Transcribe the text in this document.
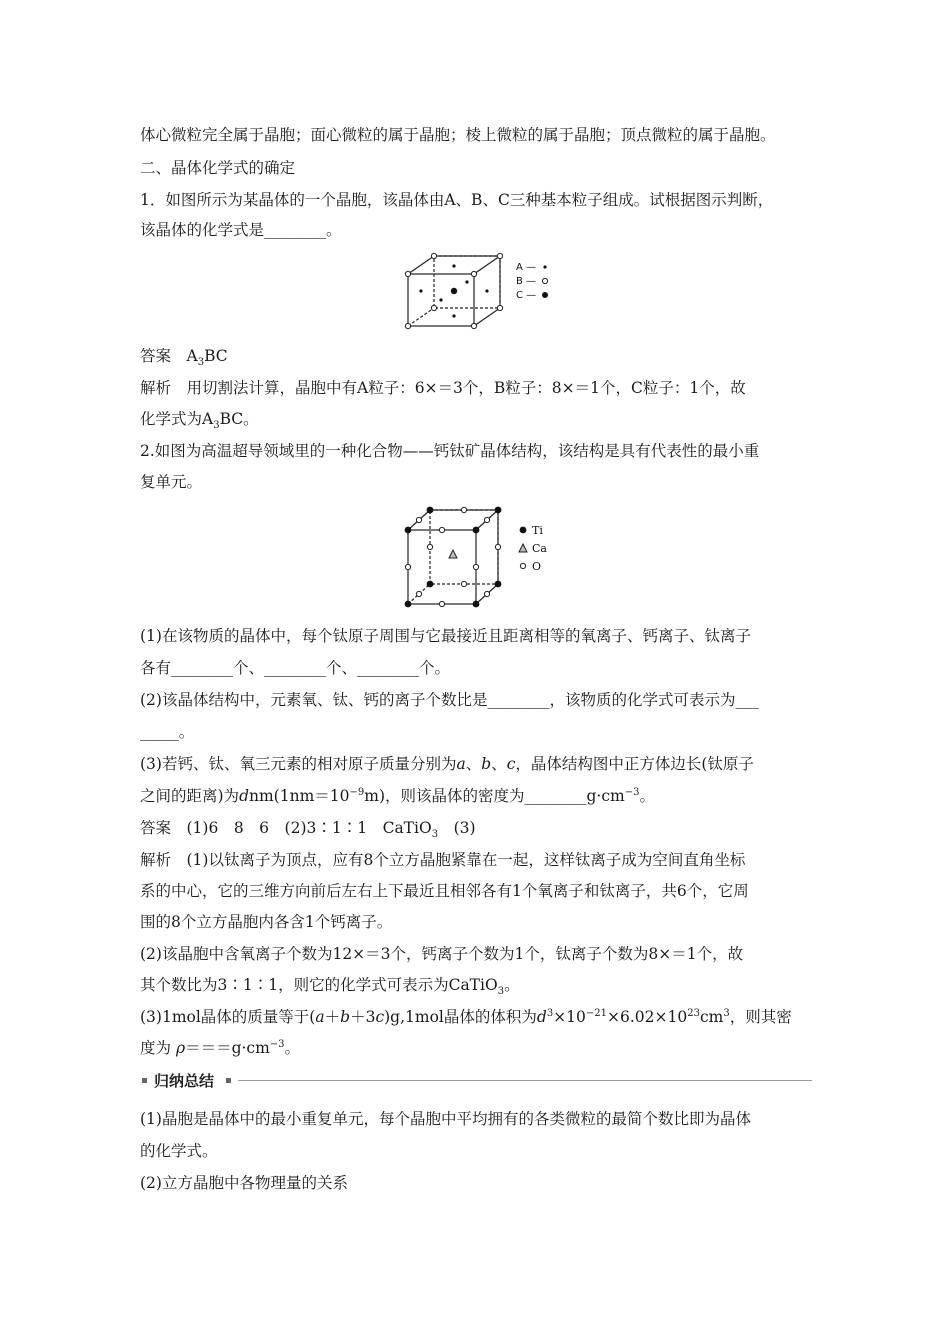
体心微粒完全属于晶胞；面心微粒的属于晶胞；棱上微粒的属于晶胞；顶点微粒的属于晶胞。
二、晶体化学式的确定
1．如图所示为某晶体的一个晶胞，该晶体由A、B、C三种基本粒子组成。试根据图示判断，
该晶体的化学式是________。
A —
B —
C —
答案　$A_3BC$
解析　用切割法计算，晶胞中有A粒子：6×＝3个，B粒子：8×＝1个，C粒子：1个，故
化学式为$A_3BC$。
2.如图为高温超导领域里的一种化合物——钙钛矿晶体结构，该结构是具有代表性的最小重
复单元。
Ti
Ca
O
(1)在该物质的晶体中，每个钛原子周围与它最接近且距离相等的氧离子、钙离子、钛离子
各有________个、________个、________个。
(2)该晶体结构中，元素氧、钛、钙的离子个数比是________，该物质的化学式可表示为___
_____。
(3)若钙、钛、氧三元素的相对原子质量分别为a、b、c，晶体结构图中正方体边长(钛原子
之间的距离)为$dnm(1nm=10^{-9}m)$，则该晶体的密度为$\_\_\_\_\_\_\_\_g\cdot cm^{-3}$。
答案　(1)6　8　6　(2)3∶1∶1　CaTiO$_3$　(3)
解析　(1)以钛离子为顶点，应有8个立方晶胞紧靠在一起，这样钛离子成为空间直角坐标
系的中心，它的三维方向前后左右上下最近且相邻各有1个氧离子和钛离子，共6个，它周
围的8个立方晶胞内各含1个钙离子。
(2)该晶胞中含氧离子个数为12×＝3个，钙离子个数为1个，钛离子个数为8×＝1个，故
其个数比为3∶1∶1，则它的化学式可表示为CaTiO$_3$。
(3)1mol晶体的质量等于(a＋b＋3c)g,1mol晶体的体积为$d^3\times 10^{-21}\times 6.02\times 10^{23}cm^3$，则其密
度为 $\rho===g\cdot cm^{-3}$。
归纳总结
(1)晶胞是晶体中的最小重复单元，每个晶胞中平均拥有的各类微粒的最简个数比即为晶体
的化学式。
(2)立方晶胞中各物理量的关系
